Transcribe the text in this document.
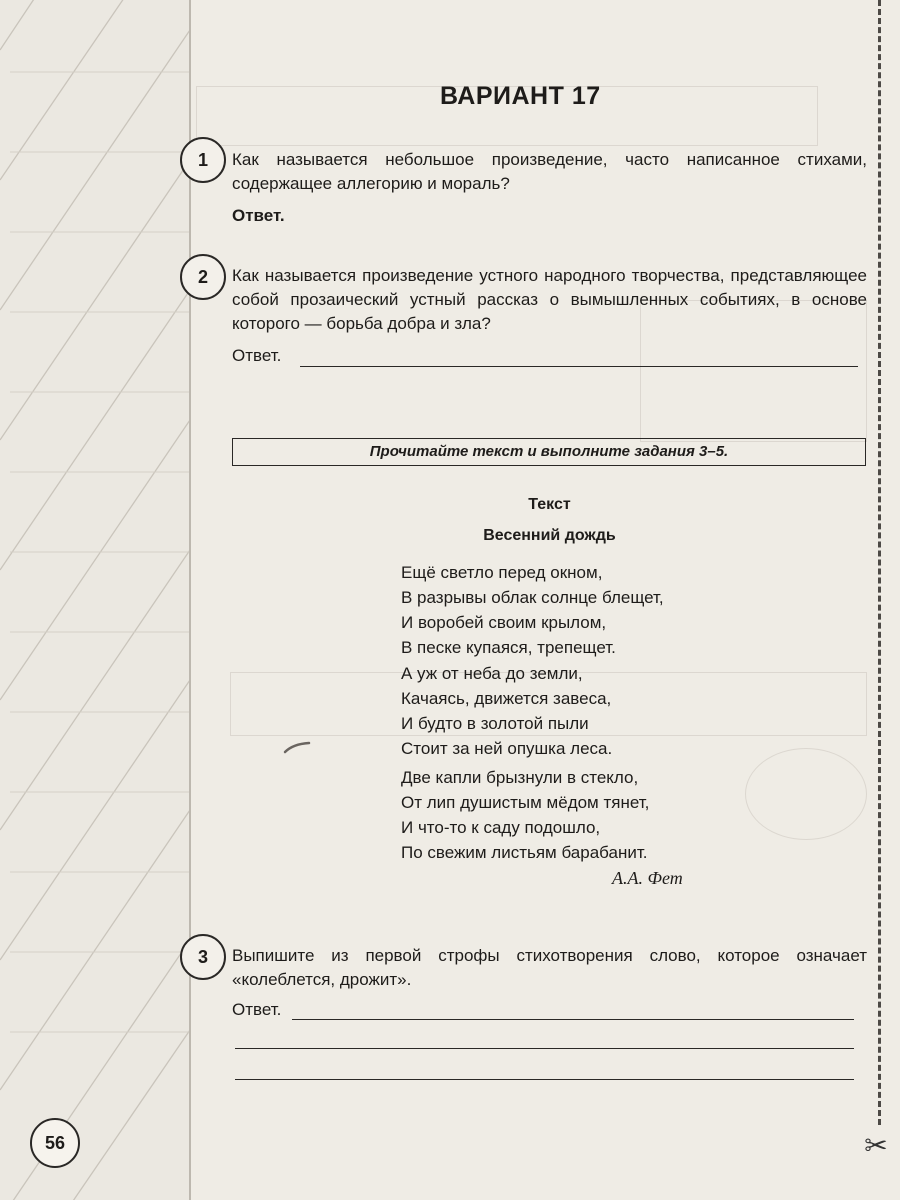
ВАРИАНТ 17
1	Как называется небольшое произведение, часто написанное стихами, содержащее аллегорию и мораль?
Ответ.
2	Как называется произведение устного народного творчества, представляющее собой прозаический устный рассказ о вымышленных событиях, в основе которого — борьба добра и зла?
Ответ.
Прочитайте текст и выполните задания 3–5.
Текст
Весенний дождь
Ещё светло перед окном,
В разрывы облак солнце блещет,
И воробей своим крылом,
В песке купаяся, трепещет.
А уж от неба до земли,
Качаясь, движется завеса,
И будто в золотой пыли
Стоит за ней опушка леса.
Две капли брызнули в стекло,
От лип душистым мёдом тянет,
И что-то к саду подошло,
По свежим листьям барабанит.
А.А. Фет
3	Выпишите из первой строфы стихотворения слово, которое означает «колеблется, дрожит».
Ответ.
56	✂
